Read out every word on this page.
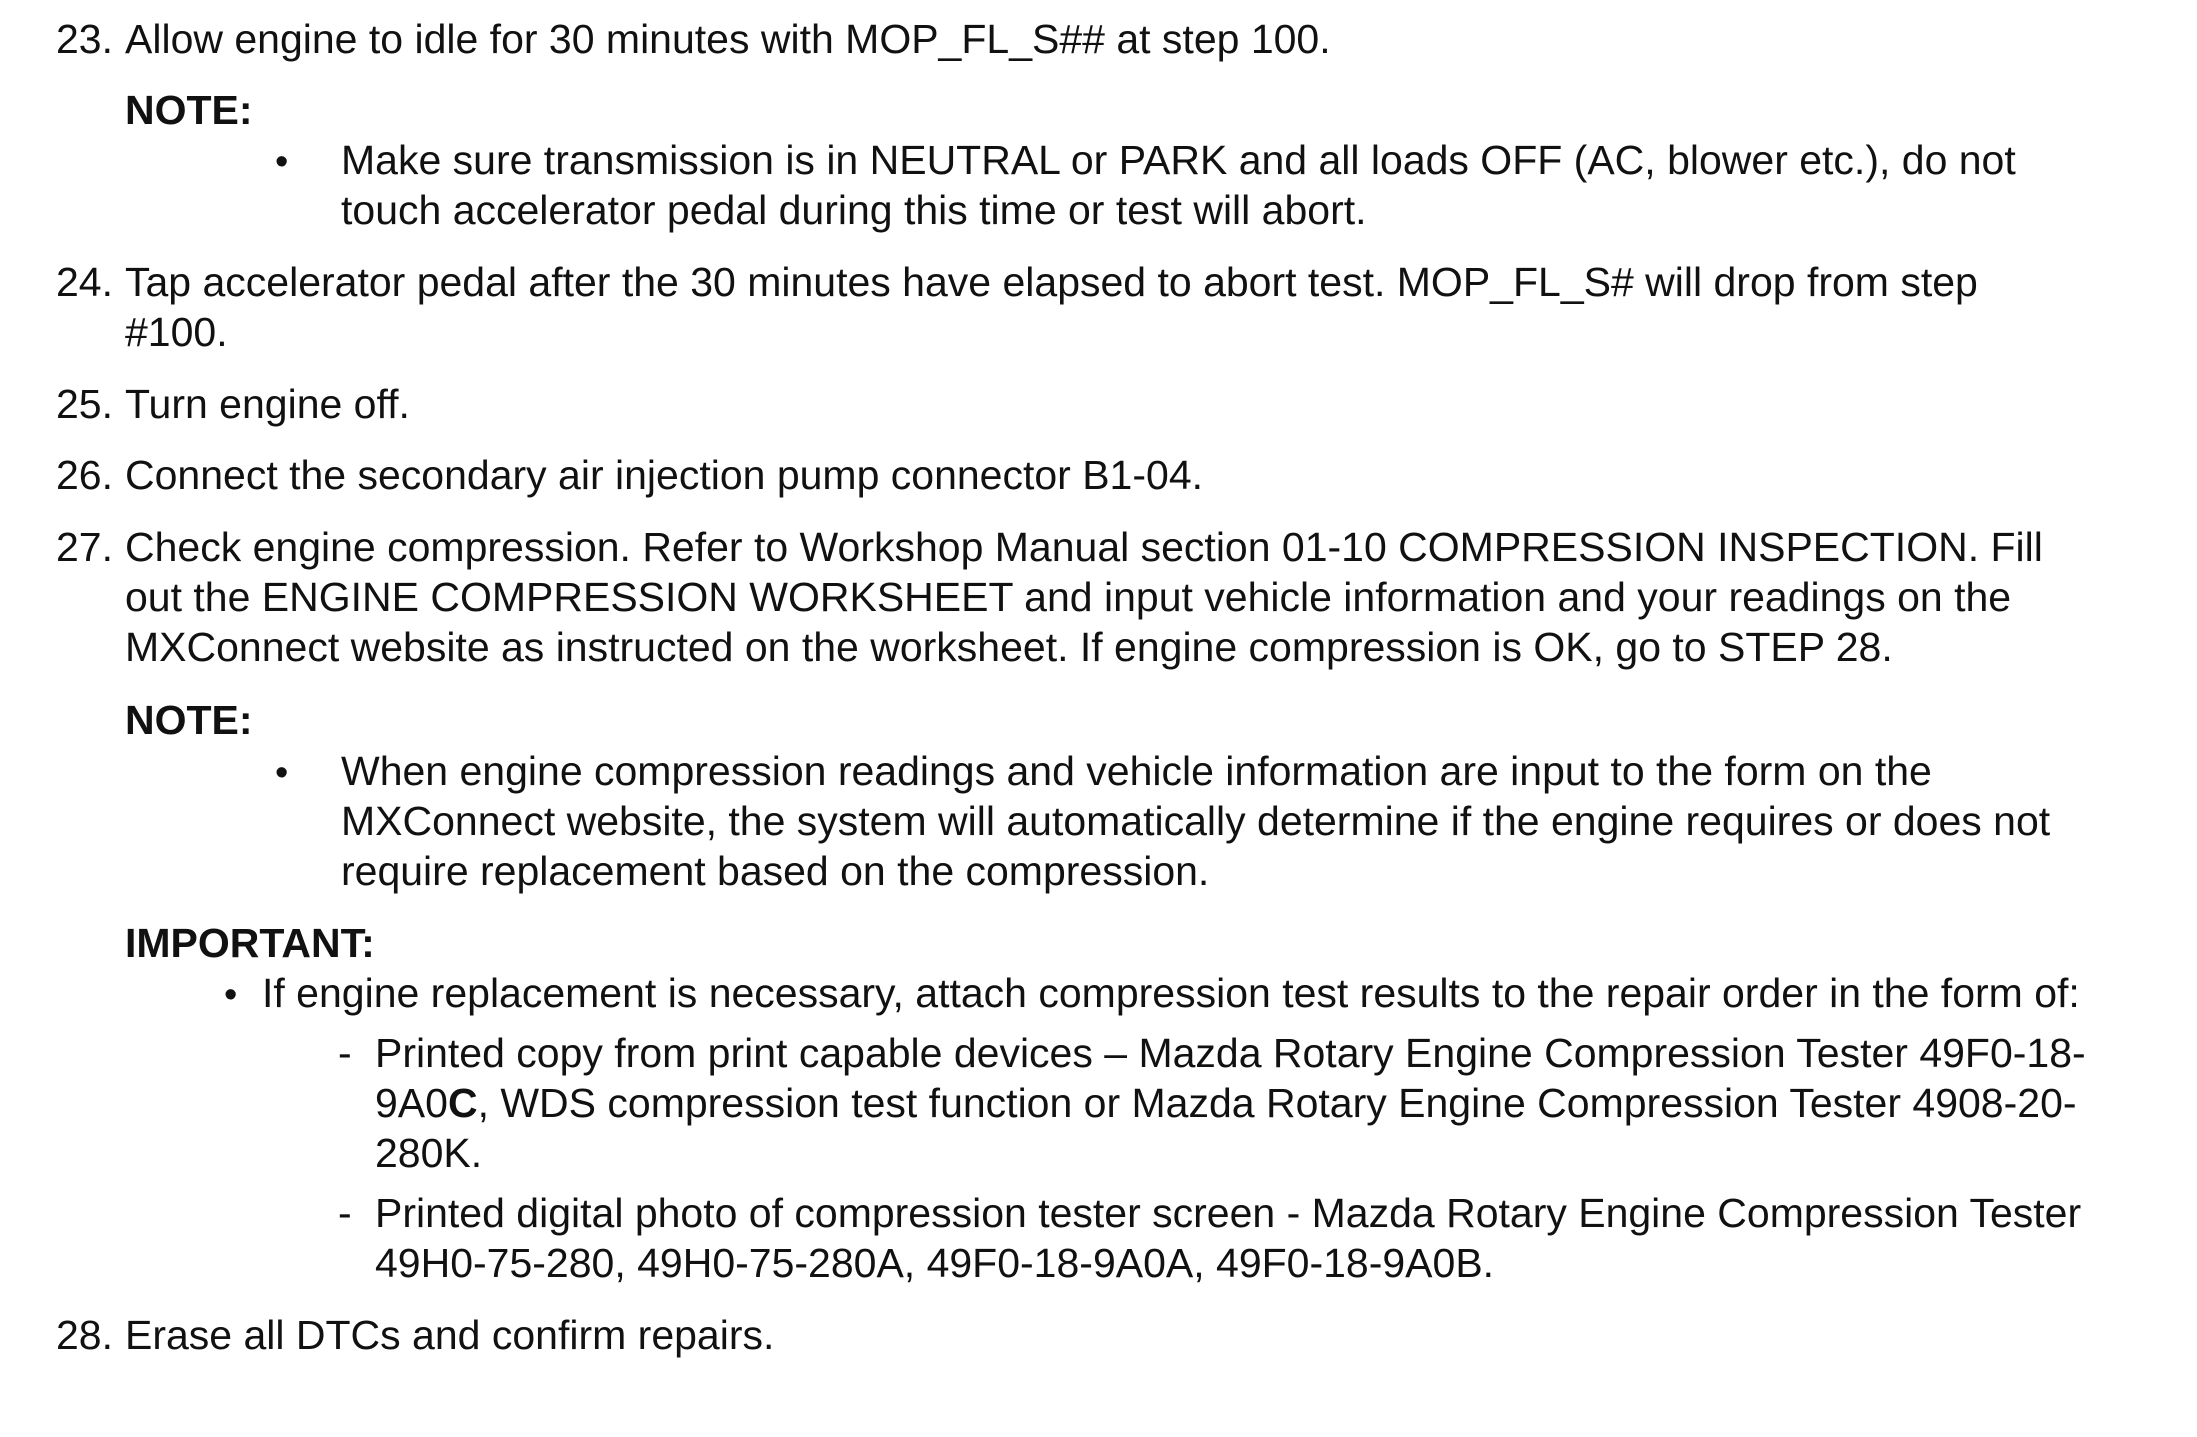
23. Allow engine to idle for 30 minutes with MOP_FL_S## at step 100.
NOTE:
• Make sure transmission is in NEUTRAL or PARK and all loads OFF (AC, blower etc.), do not
touch accelerator pedal during this time or test will abort.
24. Tap accelerator pedal after the 30 minutes have elapsed to abort test. MOP_FL_S# will drop from step
#100.
25. Turn engine off.
26. Connect the secondary air injection pump connector B1-04.
27. Check engine compression. Refer to Workshop Manual section 01-10 COMPRESSION INSPECTION. Fill
out the ENGINE COMPRESSION WORKSHEET and input vehicle information and your readings on the
MXConnect website as instructed on the worksheet. If engine compression is OK, go to STEP 28.
NOTE:
• When engine compression readings and vehicle information are input to the form on the
MXConnect website, the system will automatically determine if the engine requires or does not
require replacement based on the compression.
IMPORTANT:
• If engine replacement is necessary, attach compression test results to the repair order in the form of:
- Printed copy from print capable devices – Mazda Rotary Engine Compression Tester 49F0-18-
9A0C, WDS compression test function or Mazda Rotary Engine Compression Tester 4908-20-
280K.
- Printed digital photo of compression tester screen - Mazda Rotary Engine Compression Tester
49H0-75-280, 49H0-75-280A, 49F0-18-9A0A, 49F0-18-9A0B.
28. Erase all DTCs and confirm repairs.
